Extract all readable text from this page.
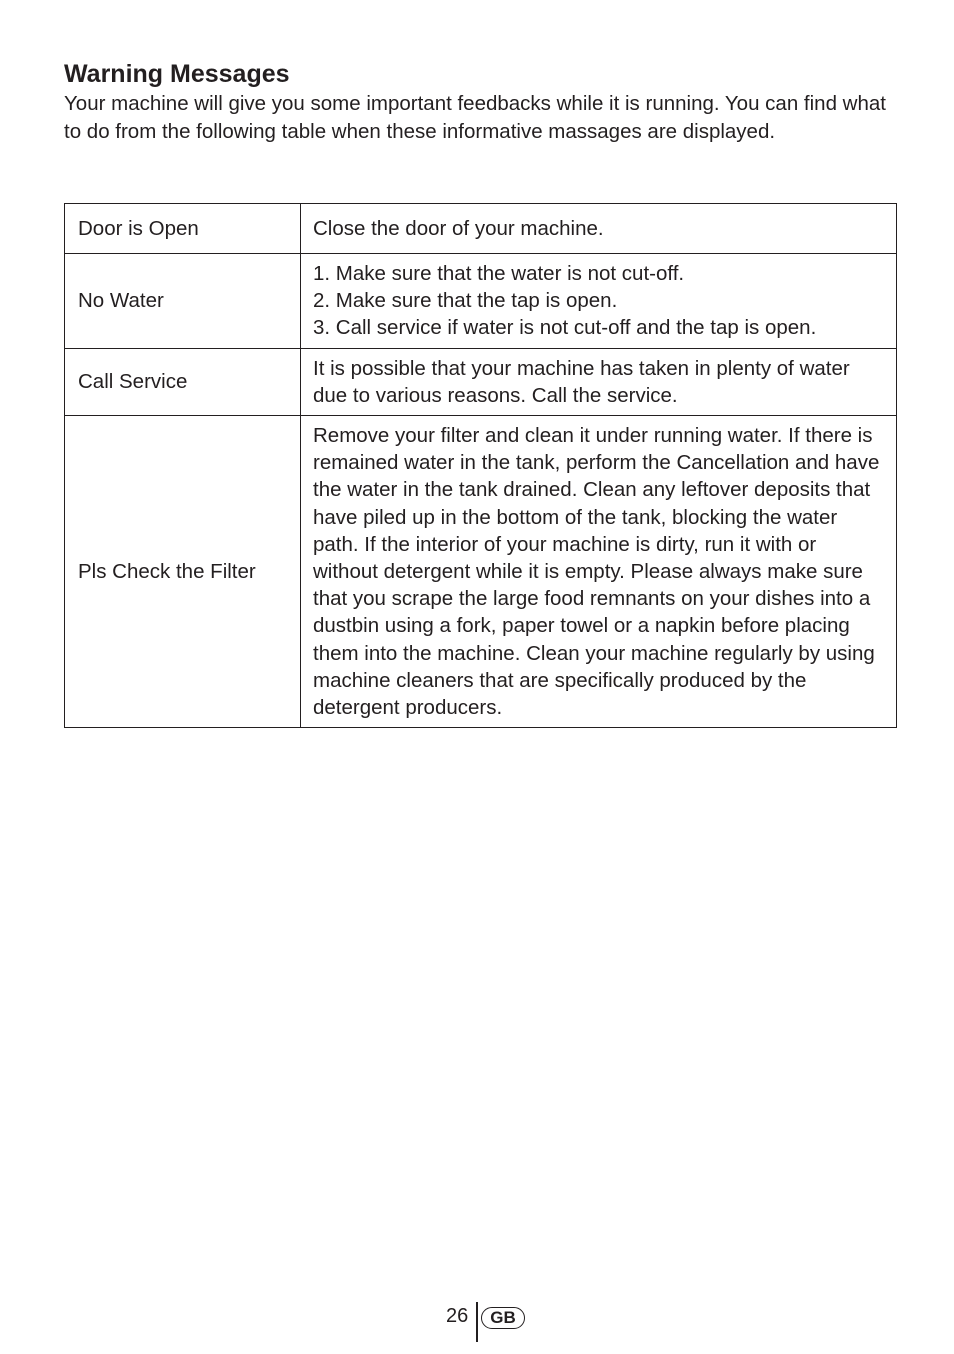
Warning Messages

Your machine will give you some important feedbacks while it is running. You can find what to do from the following table when these informative massages are displayed.

Door is Open	Close the door of your machine.

No Water	1. Make sure that the water is not cut-off.
2. Make sure that the tap is open.
3. Call service if water is not cut-off and the tap is open.

Call Service	It is possible that your machine has taken in plenty of water due to various reasons. Call the service.

Pls Check the Filter	Remove your filter and clean it under running water. If there is remained water in the tank, perform the Cancellation and have the water in the tank drained. Clean any leftover deposits that have piled up in the bottom of the tank, blocking the water path. If the interior of your machine is dirty, run it with or without detergent while it is empty. Please always make sure that you scrape the large food remnants on your dishes into a dustbin using a fork, paper towel or a napkin before placing them into the machine. Clean your machine regularly by using machine cleaners that are specifically produced by the detergent producers.
26	GB
